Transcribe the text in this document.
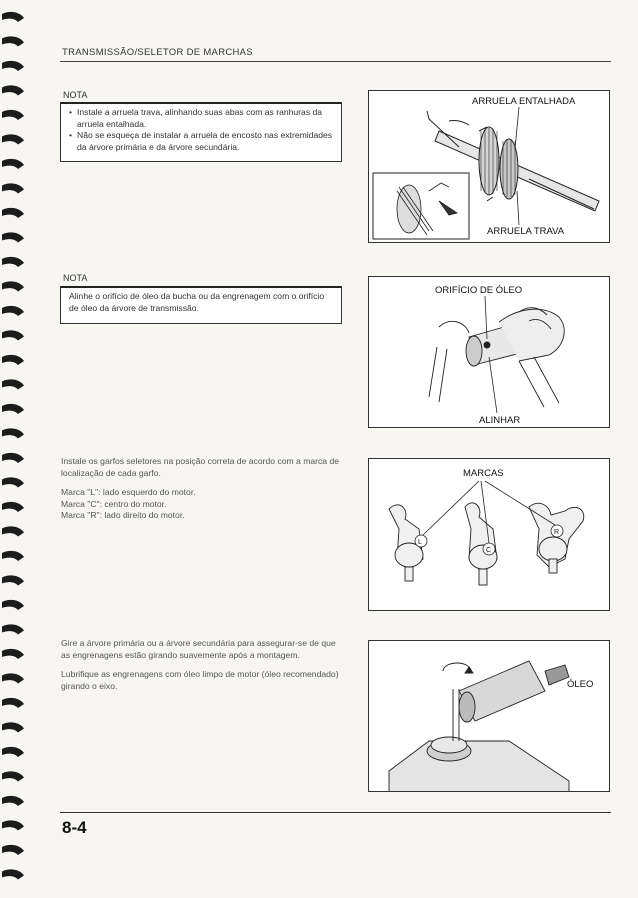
TRANSMISSÃO/SELETOR DE MARCHAS
NOTA
• Instale a arruela trava, alinhando suas abas com as ranhuras da arruela entalhada.
• Não se esqueça de instalar a arruela de encosto nas extremidades da árvore primária e da árvore secundária.
ARRUELA ENTALHADA
ARRUELA TRAVA
NOTA

Alinhe o orifício de óleo da bucha ou da engrenagem com o orifício de óleo da árvore de transmissão.

ORIFÍCIO DE ÓLEO
ALINHAR

Instale os garfos seletores na posição correta de acordo com a marca de localização de cada garfo.

Marca "L": lado esquerdo do motor.
Marca "C": centro do motor.
Marca "R": lado direito do motor.
L
C
R
MARCAS

Gire a árvore primária ou a árvore secundária para assegurar-se de que as engrenagens estão girando suavemente após a montagem.

Lubrifique as engrenagens com óleo limpo de motor (óleo recomendado) girando o eixo.	ÓLEO
8-4
